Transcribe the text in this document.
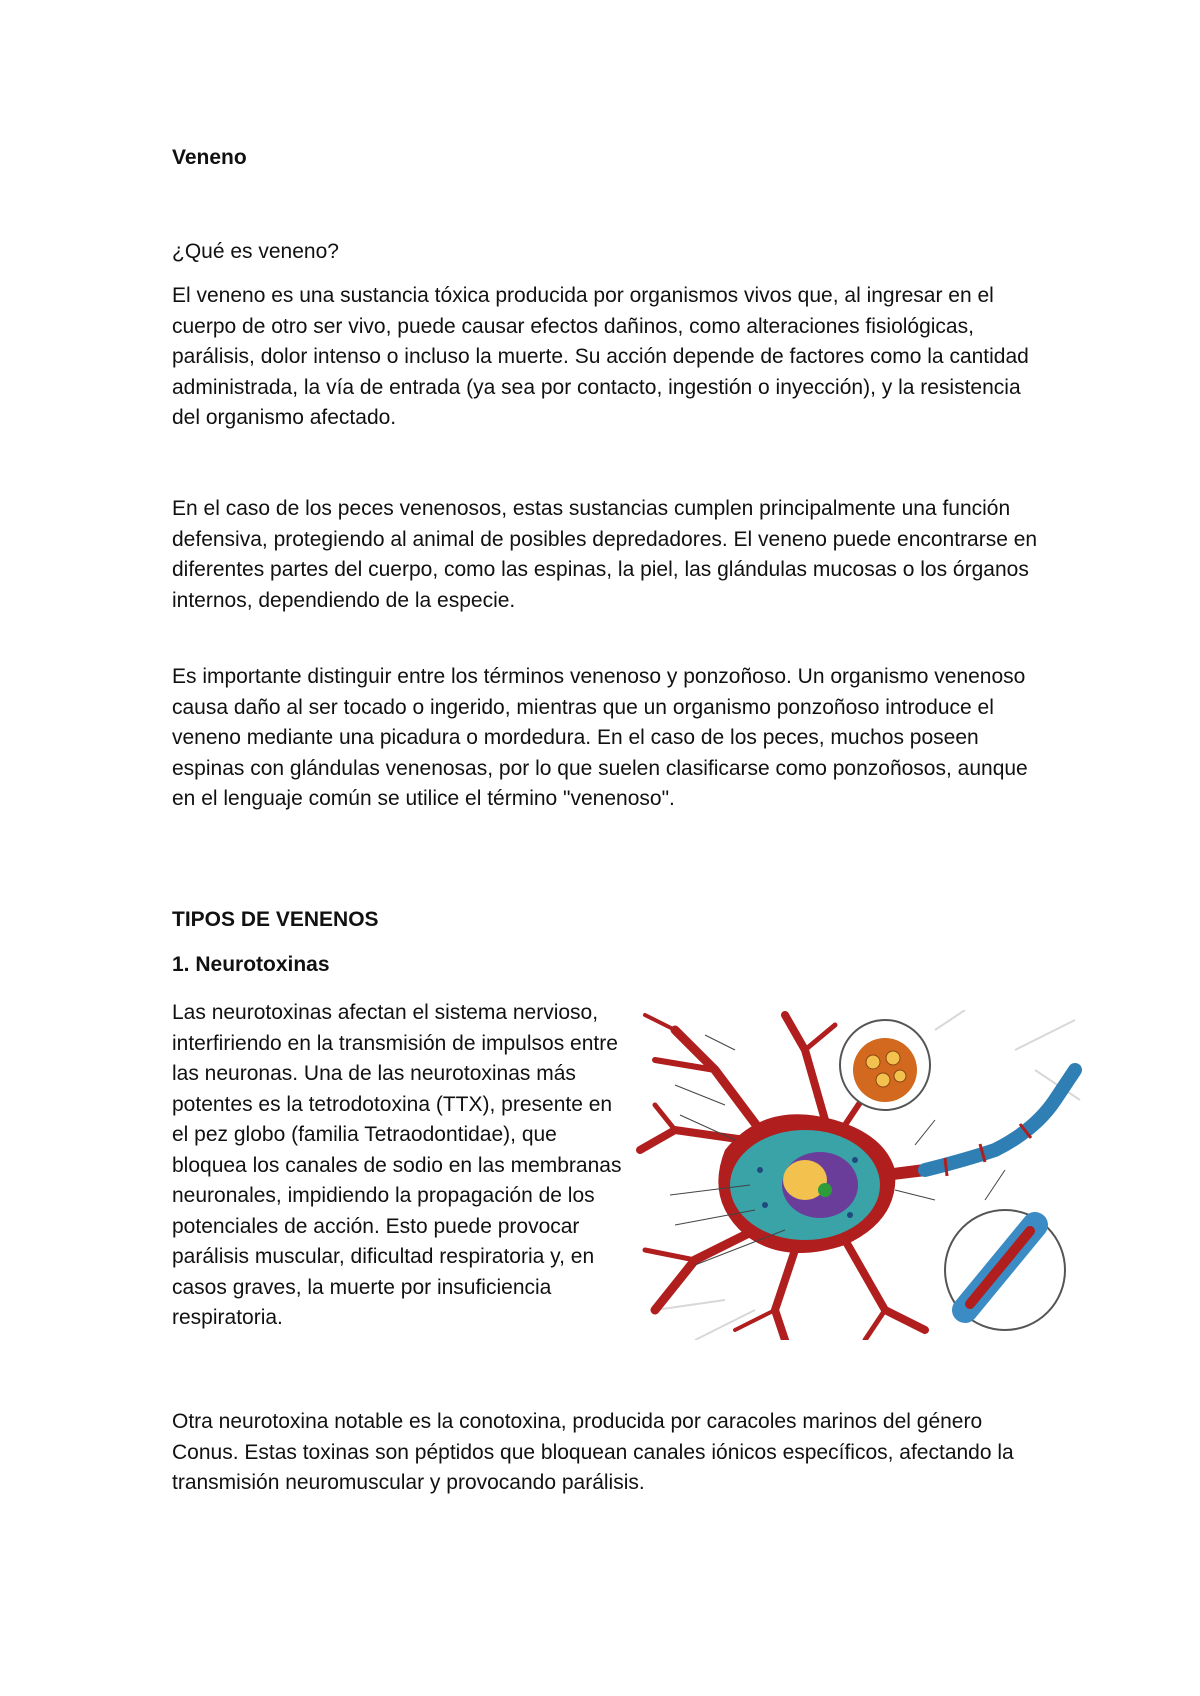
Veneno

¿Qué es veneno?

El veneno es una sustancia tóxica producida por organismos vivos que, al ingresar en el cuerpo de otro ser vivo, puede causar efectos dañinos, como alteraciones fisiológicas, parálisis, dolor intenso o incluso la muerte. Su acción depende de factores como la cantidad administrada, la vía de entrada (ya sea por contacto, ingestión o inyección), y la resistencia del organismo afectado.

En el caso de los peces venenosos, estas sustancias cumplen principalmente una función defensiva, protegiendo al animal de posibles depredadores. El veneno puede encontrarse en diferentes partes del cuerpo, como las espinas, la piel, las glándulas mucosas o los órganos internos, dependiendo de la especie.

Es importante distinguir entre los términos venenoso y ponzoñoso. Un organismo venenoso causa daño al ser tocado o ingerido, mientras que un organismo ponzoñoso introduce el veneno mediante una picadura o mordedura. En el caso de los peces, muchos poseen espinas con glándulas venenosas, por lo que suelen clasificarse como ponzoñosos, aunque en el lenguaje común se utilice el término "venenoso".

TIPOS DE VENENOS
1. Neurotoxinas

Las neurotoxinas afectan el sistema nervioso, interfiriendo en la transmisión de impulsos entre las neuronas. Una de las neurotoxinas más potentes es la tetrodotoxina (TTX), presente en el pez globo (familia Tetraodontidae), que bloquea los canales de sodio en las membranas neuronales, impidiendo la propagación de los potenciales de acción. Esto puede provocar parálisis muscular, dificultad respiratoria y, en casos graves, la muerte por insuficiencia respiratoria.

Otra neurotoxina notable es la conotoxina, producida por caracoles marinos del género Conus. Estas toxinas son péptidos que bloquean canales iónicos específicos, afectando la transmisión neuromuscular y provocando parálisis.
